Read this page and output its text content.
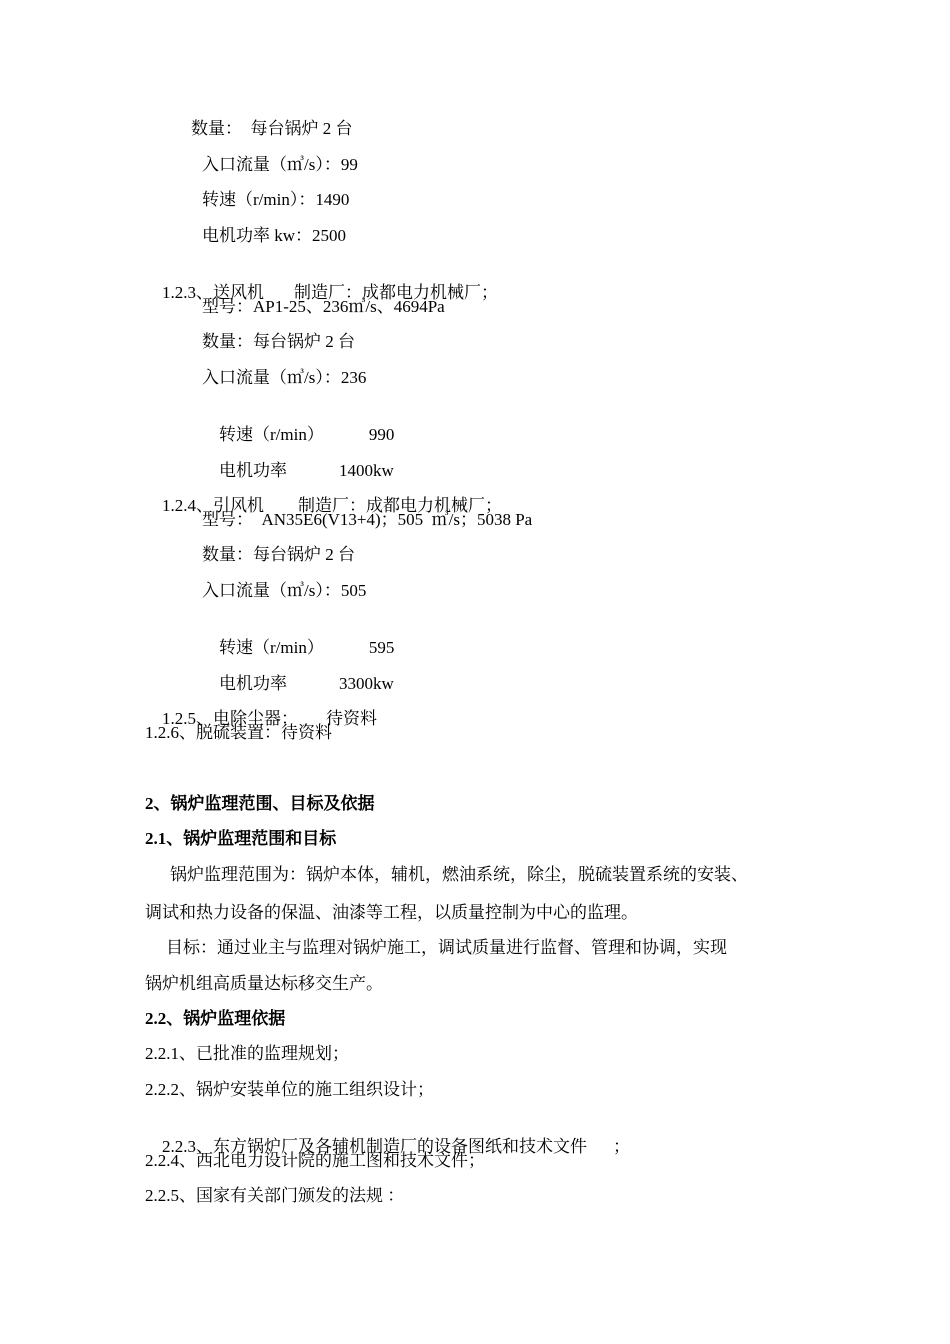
数量：  每台锅炉 2 台
入口流量（㎥/s）：99
转速（r/min）：1490
电机功率 kw：2500

1.2.3、送风机 制造厂：成都电力机械厂；

型号：AP1-25、236㎥/s、4694Pa
数量：每台锅炉 2 台
入口流量（㎥/s）：236

转速（r/min）	990

电机功率	1400kw

1.2.4、引风机 制造厂：成都电力机械厂；

型号：  AN35E6(V13+4)；505  ㎥/s；5038 Pa
数量：每台锅炉 2 台
入口流量（㎥/s）：505

转速（r/min）	595

电机功率	3300kw

1.2.5、电除尘器： 待资料

1.2.6、脱硫装置：待资料
2、锅炉监理范围、目标及依据
2.1、锅炉监理范围和目标
锅炉监理范围为：锅炉本体，辅机，燃油系统，除尘，脱硫装置系统的安装、
调试和热力设备的保温、油漆等工程，以质量控制为中心的监理。
目标：通过业主与监理对锅炉施工，调试质量进行监督、管理和协调，实现
锅炉机组高质量达标移交生产。
2.2、锅炉监理依据
2.2.1、已批准的监理规划；
2.2.2、锅炉安装单位的施工组织设计；

2.2.3、东方锅炉厂及各辅机制造厂的设备图纸和技术文件 ；

2.2.4、西北电力设计院的施工图和技术文件；
2.2.5、国家有关部门颁发的法规 ：
